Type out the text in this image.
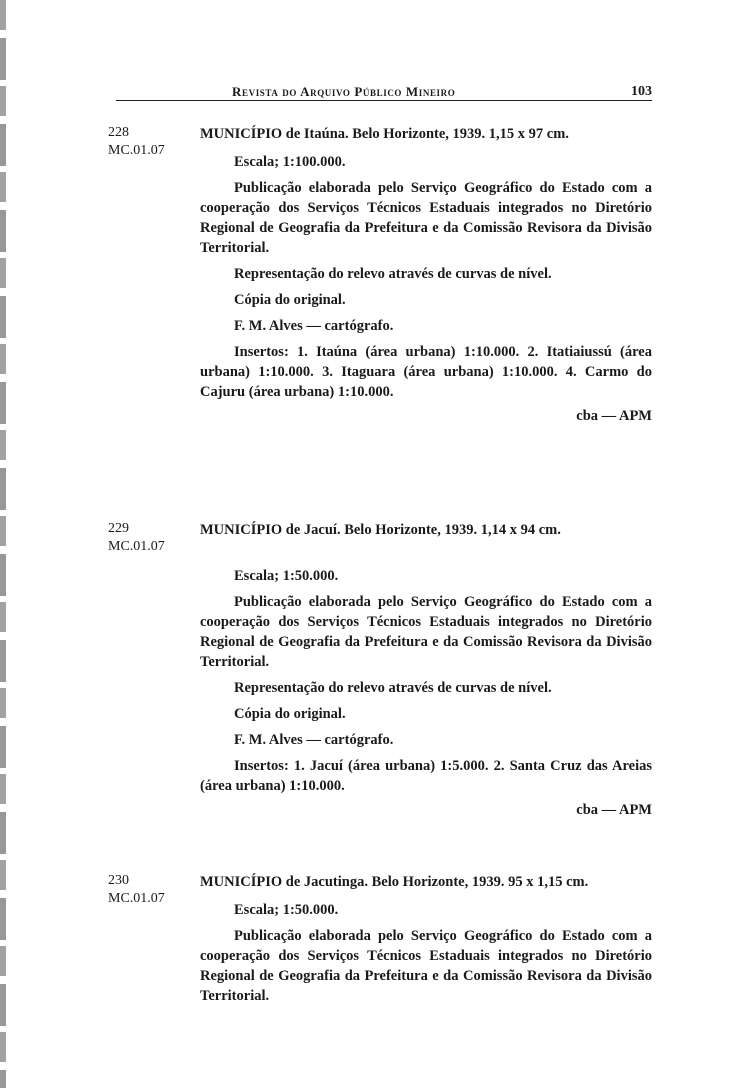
Revista do Arquivo Público Mineiro	103
228
MC.01.07
MUNICÍPIO de Itaúna. Belo Horizonte, 1939. 1,15 x 97 cm.
Escala; 1:100.000.
Publicação elaborada pelo Serviço Geográfico do Estado com a cooperação dos Serviços Técnicos Estaduais integrados no Diretório Regional de Geografia da Prefeitura e da Comissão Revisora da Divisão Territorial.
Representação do relevo através de curvas de nível.
Cópia do original.
F. M. Alves — cartógrafo.
Insertos: 1. Itaúna (área urbana) 1:10.000. 2. Itatiaiussú (área urbana) 1:10.000. 3. Itaguara (área urbana) 1:10.000. 4. Carmo do Cajuru (área urbana) 1:10.000.
cba — APM
229
MC.01.07
MUNICÍPIO de Jacuí. Belo Horizonte, 1939. 1,14 x 94 cm.
Escala; 1:50.000.
Publicação elaborada pelo Serviço Geográfico do Estado com a cooperação dos Serviços Técnicos Estaduais integrados no Diretório Regional de Geografia da Prefeitura e da Comissão Revisora da Divisão Territorial.
Representação do relevo através de curvas de nível.
Cópia do original.
F. M. Alves — cartógrafo.
Insertos: 1. Jacuí (área urbana) 1:5.000. 2. Santa Cruz das Areias (área urbana) 1:10.000.
cba — APM
230
MC.01.07
MUNICÍPIO de Jacutinga. Belo Horizonte, 1939. 95 x 1,15 cm.
Escala; 1:50.000.
Publicação elaborada pelo Serviço Geográfico do Estado com a cooperação dos Serviços Técnicos Estaduais integrados no Diretório Regional de Geografia da Prefeitura e da Comissão Revisora da Divisão Territorial.
